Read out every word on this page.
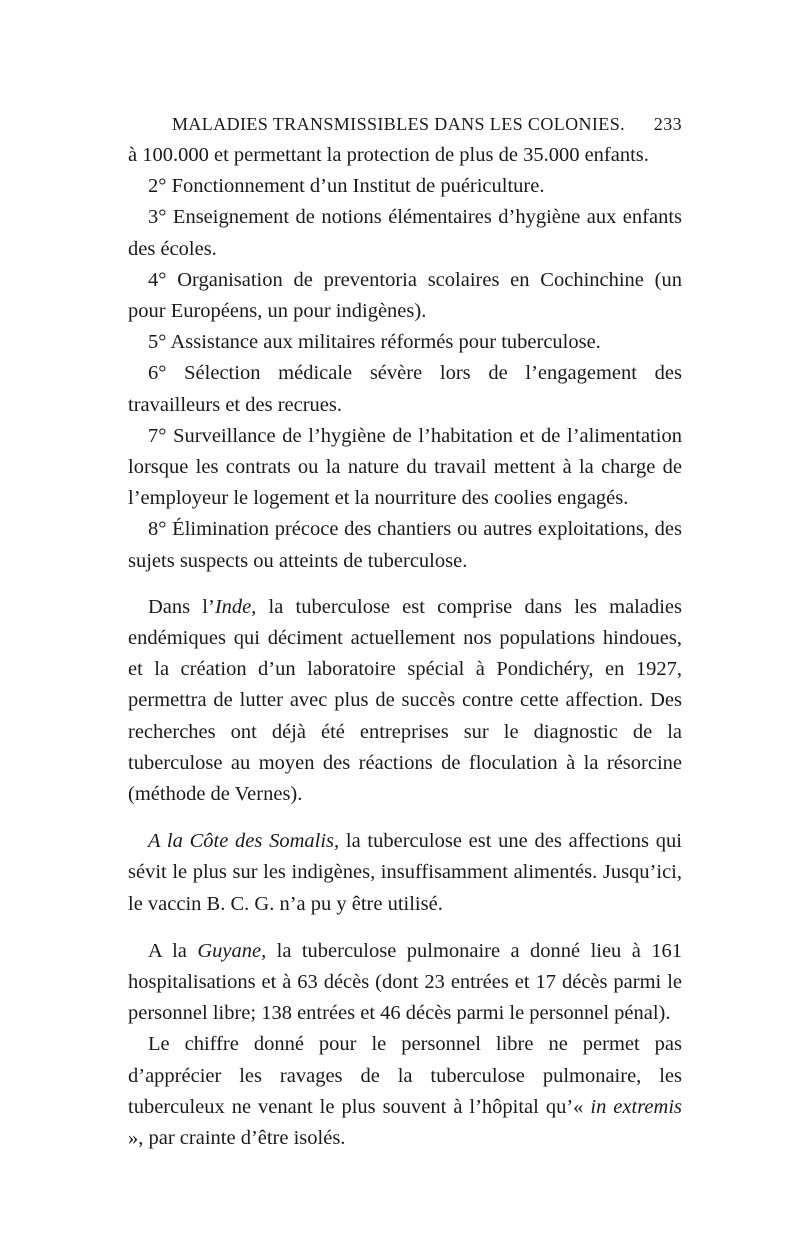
MALADIES TRANSMISSIBLES DANS LES COLONIES. 233

à 100.000 et permettant la protection de plus de 35.000 enfants.

2° Fonctionnement d’un Institut de puériculture.

3° Enseignement de notions élémentaires d’hygiène aux enfants des écoles.

4° Organisation de preventoria scolaires en Cochinchine (un pour Européens, un pour indigènes).

5° Assistance aux militaires réformés pour tuberculose.

6° Sélection médicale sévère lors de l’engagement des travailleurs et des recrues.

7° Surveillance de l’hygiène de l’habitation et de l’alimentation lorsque les contrats ou la nature du travail mettent à la charge de l’employeur le logement et la nourriture des coolies engagés.

8° Élimination précoce des chantiers ou autres exploitations, des sujets suspects ou atteints de tuberculose.

Dans l’Inde, la tuberculose est comprise dans les maladies endémiques qui déciment actuellement nos populations hindoues, et la création d’un laboratoire spécial à Pondichéry, en 1927, permettra de lutter avec plus de succès contre cette affection. Des recherches ont déjà été entreprises sur le diagnostic de la tuberculose au moyen des réactions de floculation à la résorcine (méthode de Vernes).

A la Côte des Somalis, la tuberculose est une des affections qui sévit le plus sur les indigènes, insuffisamment alimentés. Jusqu’ici, le vaccin B. C. G. n’a pu y être utilisé.

A la Guyane, la tuberculose pulmonaire a donné lieu à 161 hospitalisations et à 63 décès (dont 23 entrées et 17 décès parmi le personnel libre; 138 entrées et 46 décès parmi le personnel pénal).

Le chiffre donné pour le personnel libre ne permet pas d’apprécier les ravages de la tuberculose pulmonaire, les tuberculeux ne venant le plus souvent à l’hôpital qu’« in extremis », par crainte d’être isolés.
